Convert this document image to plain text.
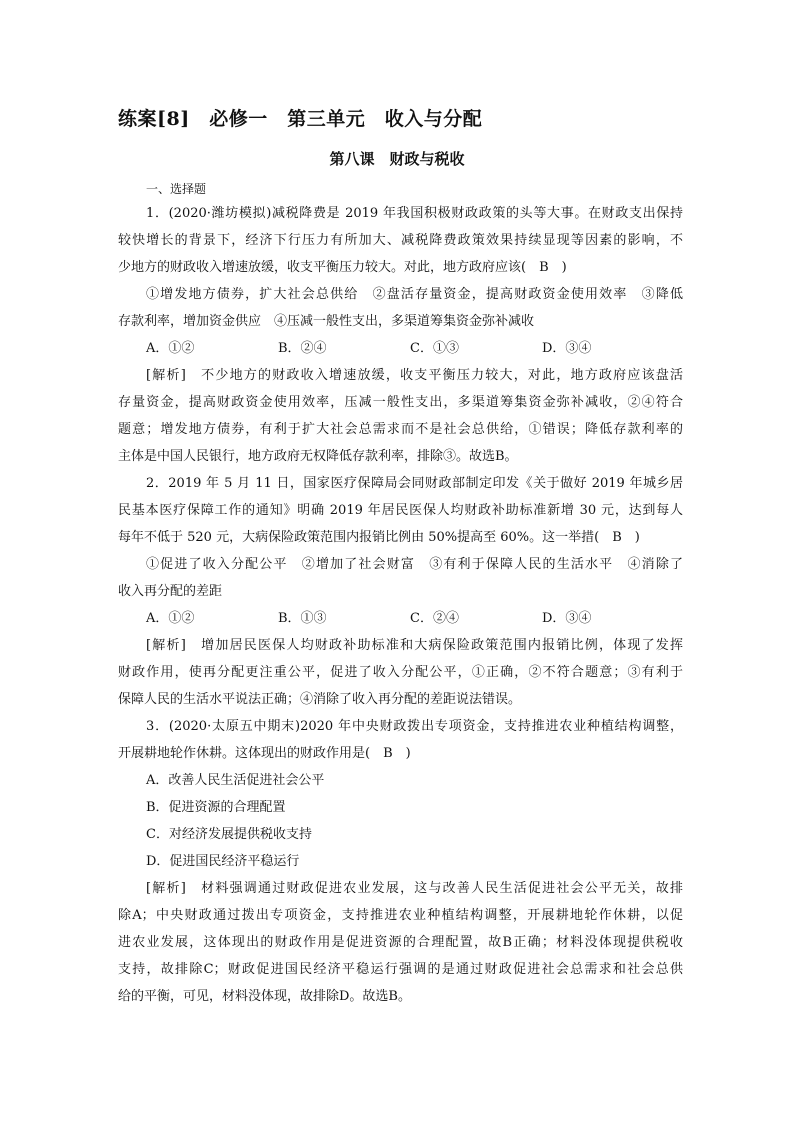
练案[8]　必修一　第三单元　收入与分配
第八课　财政与税收
一、选择题
1．(2020·潍坊模拟)减税降费是 2019 年我国积极财政政策的头等大事。在财政支出保持
较快增长的背景下，经济下行压力有所加大、减税降费政策效果持续显现等因素的影响，不
少地方的财政收入增速放缓，收支平衡压力较大。对此，地方政府应该(　B　)
①增发地方债券，扩大社会总供给　②盘活存量资金，提高财政资金使用效率　③降低
存款利率，增加资金供应　④压减一般性支出，多渠道筹集资金弥补减收
A．①②	B．②④	C．①③	D．③④
[解析]　不少地方的财政收入增速放缓，收支平衡压力较大，对此，地方政府应该盘活
存量资金，提高财政资金使用效率，压减一般性支出，多渠道筹集资金弥补减收，②④符合
题意；增发地方债券，有利于扩大社会总需求而不是社会总供给，①错误；降低存款利率的
主体是中国人民银行，地方政府无权降低存款利率，排除③。故选B。
2．2019 年 5 月 11 日，国家医疗保障局会同财政部制定印发《关于做好 2019 年城乡居
民基本医疗保障工作的通知》明确 2019 年居民医保人均财政补助标准新增 30 元，达到每人
每年不低于 520 元，大病保险政策范围内报销比例由 50%提高至 60%。这一举措(　B　)
①促进了收入分配公平　②增加了社会财富　③有利于保障人民的生活水平　④消除了
收入再分配的差距
A．①②	B．①③	C．②④	D．③④
[解析]　增加居民医保人均财政补助标准和大病保险政策范围内报销比例，体现了发挥
财政作用，使再分配更注重公平，促进了收入分配公平，①正确，②不符合题意；③有利于
保障人民的生活水平说法正确；④消除了收入再分配的差距说法错误。
3．(2020·太原五中期末)2020 年中央财政拨出专项资金，支持推进农业种植结构调整，
开展耕地轮作休耕。这体现出的财政作用是(　B　)
A．改善人民生活促进社会公平
B．促进资源的合理配置
C．对经济发展提供税收支持
D．促进国民经济平稳运行
[解析]　材料强调通过财政促进农业发展，这与改善人民生活促进社会公平无关，故排
除A；中央财政通过拨出专项资金，支持推进农业种植结构调整，开展耕地轮作休耕，以促
进农业发展，这体现出的财政作用是促进资源的合理配置，故B正确；材料没体现提供税收
支持，故排除C；财政促进国民经济平稳运行强调的是通过财政促进社会总需求和社会总供
给的平衡，可见，材料没体现，故排除D。故选B。
